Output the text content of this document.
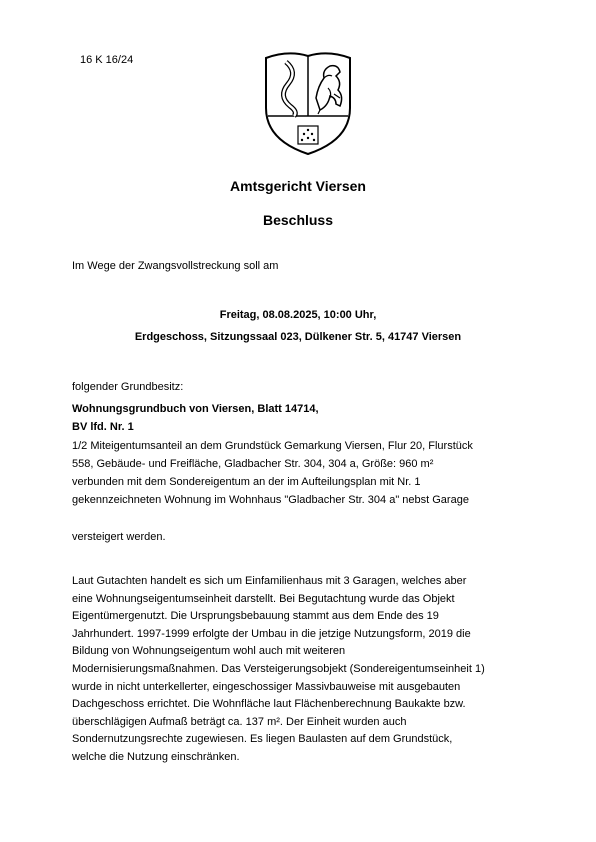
16 K 16/24
Amtsgericht Viersen
Beschluss
Im Wege der Zwangsvollstreckung soll am
Freitag, 08.08.2025, 10:00 Uhr,
Erdgeschoss, Sitzungssaal 023, Dülkener Str. 5, 41747 Viersen
folgender Grundbesitz:
Wohnungsgrundbuch von Viersen, Blatt 14714,
BV lfd. Nr. 1
1/2 Miteigentumsanteil an dem Grundstück Gemarkung Viersen, Flur 20, Flurstück
558, Gebäude- und Freifläche, Gladbacher Str. 304, 304 a, Größe: 960 m²
verbunden mit dem Sondereigentum an der im Aufteilungsplan mit Nr. 1
gekennzeichneten Wohnung im Wohnhaus "Gladbacher Str. 304 a" nebst Garage
versteigert werden.
Laut Gutachten handelt es sich um Einfamilienhaus mit 3 Garagen, welches aber
eine Wohnungseigentumseinheit darstellt. Bei Begutachtung wurde das Objekt
Eigentümergenutzt. Die Ursprungsbebauung stammt aus dem Ende des 19
Jahrhundert. 1997-1999 erfolgte der Umbau in die jetzige Nutzungsform, 2019 die
Bildung von Wohnungseigentum wohl auch mit weiteren
Modernisierungsmaßnahmen. Das Versteigerungsobjekt (Sondereigentumseinheit 1)
wurde in nicht unterkellerter, eingeschossiger Massivbauweise mit ausgebauten
Dachgeschoss errichtet. Die Wohnfläche laut Flächenberechnung Baukakte bzw.
überschlägigen Aufmaß beträgt ca. 137 m². Der Einheit wurden auch
Sondernutzungsrechte zugewiesen. Es liegen Baulasten auf dem Grundstück,
welche die Nutzung einschränken.
